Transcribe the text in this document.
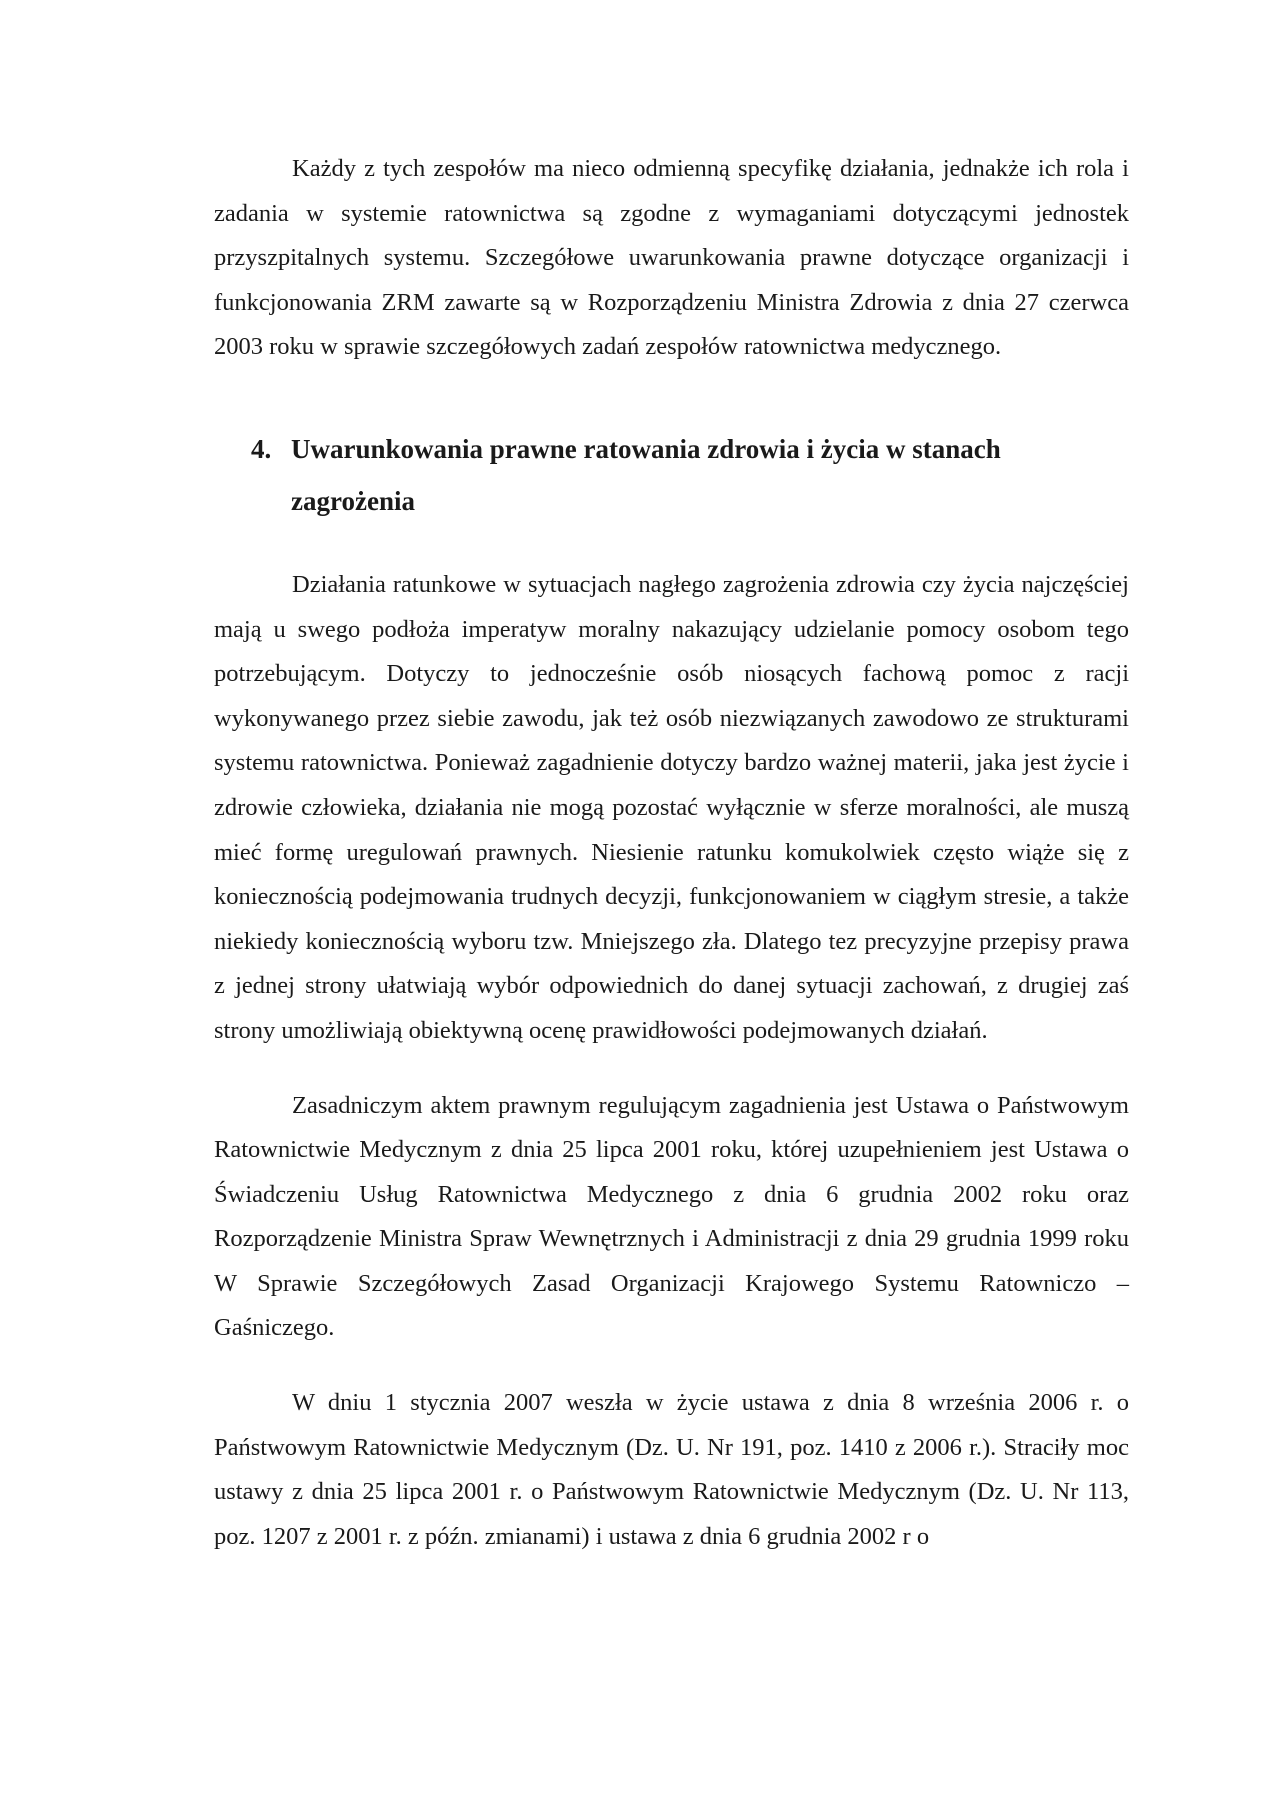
Każdy z tych zespołów ma nieco odmienną specyfikę działania, jednakże ich rola i zadania w systemie ratownictwa są zgodne z wymaganiami dotyczącymi jednostek przyszpitalnych systemu. Szczegółowe uwarunkowania prawne dotyczące organizacji i funkcjonowania ZRM zawarte są w Rozporządzeniu Ministra Zdrowia z dnia 27 czerwca 2003 roku w sprawie szczegółowych zadań zespołów ratownictwa medycznego.

4. Uwarunkowania prawne ratowania zdrowia i życia w stanach zagrożenia

Działania ratunkowe w sytuacjach nagłego zagrożenia zdrowia czy życia najczęściej mają u swego podłoża imperatyw moralny nakazujący udzielanie pomocy osobom tego potrzebującym. Dotyczy to jednocześnie osób niosących fachową pomoc z racji wykonywanego przez siebie zawodu, jak też osób niezwiązanych zawodowo ze strukturami systemu ratownictwa. Ponieważ zagadnienie dotyczy bardzo ważnej materii, jaka jest życie i zdrowie człowieka, działania nie mogą pozostać wyłącznie w sferze moralności, ale muszą mieć formę uregulowań prawnych. Niesienie ratunku komukolwiek często wiąże się z koniecznością podejmowania trudnych decyzji, funkcjonowaniem w ciągłym stresie, a także niekiedy koniecznością wyboru tzw. Mniejszego zła. Dlatego tez precyzyjne przepisy prawa z jednej strony ułatwiają wybór odpowiednich do danej sytuacji zachowań, z drugiej zaś strony umożliwiają obiektywną ocenę prawidłowości podejmowanych działań.

Zasadniczym aktem prawnym regulującym zagadnienia jest Ustawa o Państwowym Ratownictwie Medycznym z dnia 25 lipca 2001 roku, której uzupełnieniem jest Ustawa o Świadczeniu Usług Ratownictwa Medycznego z dnia 6 grudnia 2002 roku oraz Rozporządzenie Ministra Spraw Wewnętrznych i Administracji z dnia 29 grudnia 1999 roku W Sprawie Szczegółowych Zasad Organizacji Krajowego Systemu Ratowniczo – Gaśniczego.

W dniu 1 stycznia 2007 weszła w życie ustawa z dnia 8 września 2006 r. o Państwowym Ratownictwie Medycznym (Dz. U. Nr 191, poz. 1410 z 2006 r.). Straciły moc ustawy z dnia 25 lipca 2001 r. o Państwowym Ratownictwie Medycznym (Dz. U. Nr 113, poz. 1207 z 2001 r. z późn. zmianami) i ustawa z dnia 6 grudnia 2002 r o
